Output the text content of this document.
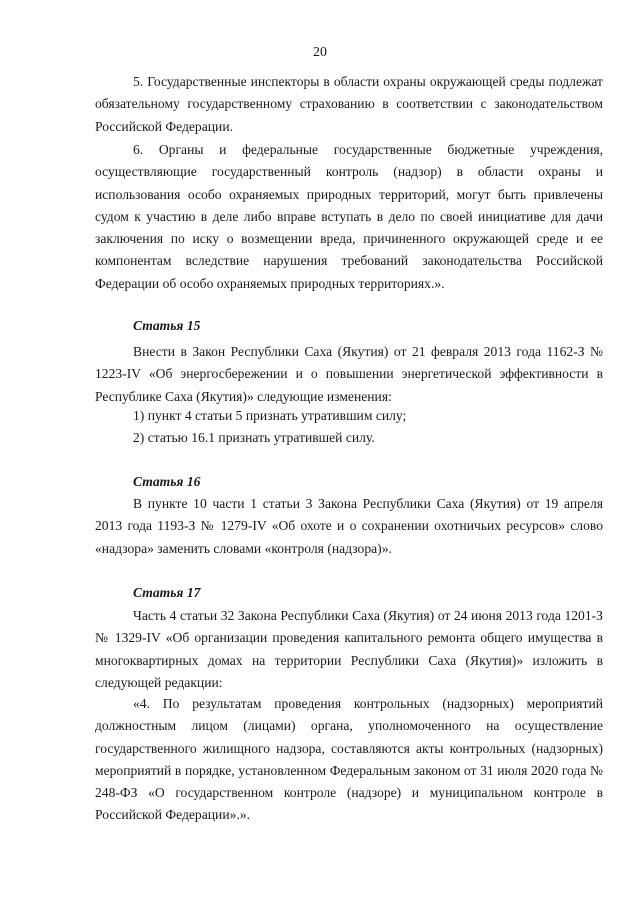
20

5. Государственные инспекторы в области охраны окружающей среды подлежат обязательному государственному страхованию в соответствии с законодательством Российской Федерации.

6. Органы и федеральные государственные бюджетные учреждения, осуществляющие государственный контроль (надзор) в области охраны и использования особо охраняемых природных территорий, могут быть привлечены судом к участию в деле либо вправе вступать в дело по своей инициативе для дачи заключения по иску о возмещении вреда, причиненного окружающей среде и ее компонентам вследствие нарушения требований законодательства Российской Федерации об особо охраняемых природных территориях.».

Статья 15

Внести в Закон Республики Саха (Якутия) от 21 февраля 2013 года 1162-З № 1223-IV «Об энергосбережении и о повышении энергетической эффективности в Республике Саха (Якутия)» следующие изменения:

1) пункт 4 статьи 5 признать утратившим силу;

2) статью 16.1 признать утратившей силу.

Статья 16

В пункте 10 части 1 статьи 3 Закона Республики Саха (Якутия) от 19 апреля 2013 года 1193-З № 1279-IV «Об охоте и о сохранении охотничьих ресурсов» слово «надзора» заменить словами «контроля (надзора)».

Статья 17

Часть 4 статьи 32 Закона Республики Саха (Якутия) от 24 июня 2013 года 1201-З № 1329-IV «Об организации проведения капитального ремонта общего имущества в многоквартирных домах на территории Республики Саха (Якутия)» изложить в следующей редакции:

«4. По результатам проведения контрольных (надзорных) мероприятий должностным лицом (лицами) органа, уполномоченного на осуществление государственного жилищного надзора, составляются акты контрольных (надзорных) мероприятий в порядке, установленном Федеральным законом от 31 июля 2020 года № 248-ФЗ «О государственном контроле (надзоре) и муниципальном контроле в Российской Федерации».».
